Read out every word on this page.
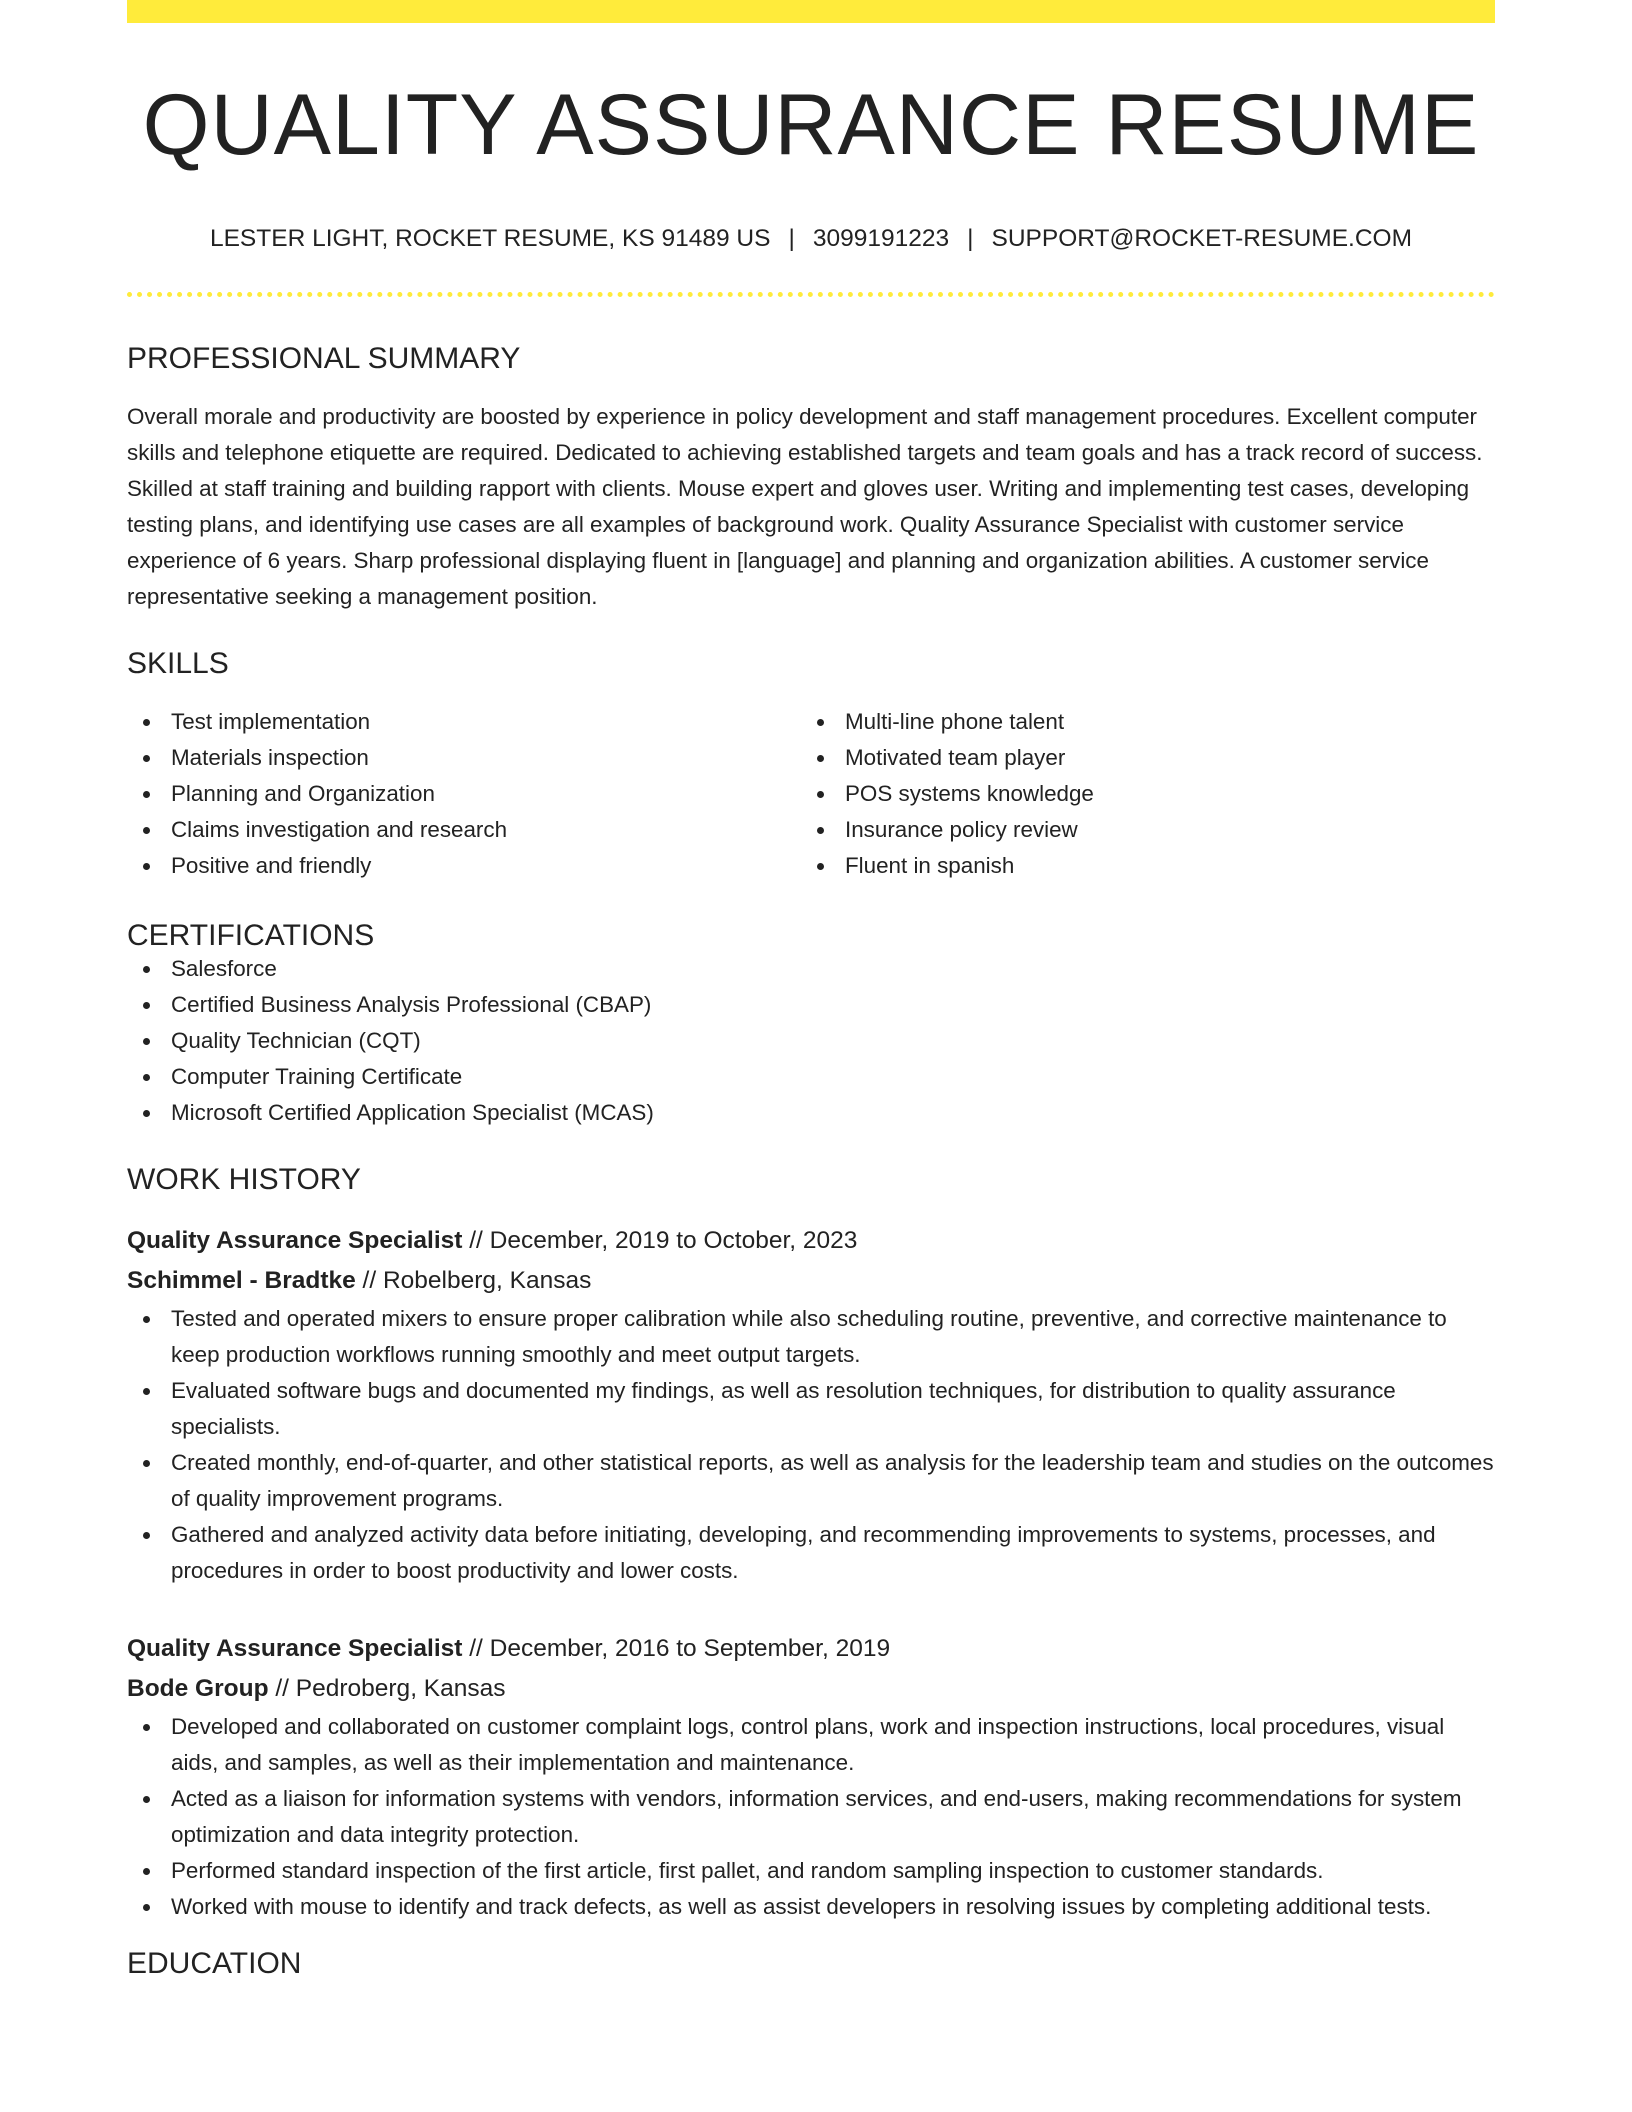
QUALITY ASSURANCE RESUME
LESTER LIGHT, ROCKET RESUME, KS 91489 US | 3099191223 | SUPPORT@ROCKET-RESUME.COM
PROFESSIONAL SUMMARY

Overall morale and productivity are boosted by experience in policy development and staff management procedures. Excellent computer skills and telephone etiquette are required. Dedicated to achieving established targets and team goals and has a track record of success. Skilled at staff training and building rapport with clients. Mouse expert and gloves user. Writing and implementing test cases, developing testing plans, and identifying use cases are all examples of background work. Quality Assurance Specialist with customer service experience of 6 years. Sharp professional displaying fluent in [language] and planning and organization abilities. A customer service representative seeking a management position.

SKILLS
Test implementation
Materials inspection
Planning and Organization
Claims investigation and research
Positive and friendly
Multi-line phone talent
Motivated team player
POS systems knowledge
Insurance policy review
Fluent in spanish
CERTIFICATIONS
Salesforce
Certified Business Analysis Professional (CBAP)
Quality Technician (CQT)
Computer Training Certificate
Microsoft Certified Application Specialist (MCAS)
WORK HISTORY
Quality Assurance Specialist // December, 2019 to October, 2023
Schimmel - Bradtke // Robelberg, Kansas
Tested and operated mixers to ensure proper calibration while also scheduling routine, preventive, and corrective maintenance to keep production workflows running smoothly and meet output targets.
Evaluated software bugs and documented my findings, as well as resolution techniques, for distribution to quality assurance specialists.
Created monthly, end-of-quarter, and other statistical reports, as well as analysis for the leadership team and studies on the outcomes of quality improvement programs.
Gathered and analyzed activity data before initiating, developing, and recommending improvements to systems, processes, and procedures in order to boost productivity and lower costs.
Quality Assurance Specialist // December, 2016 to September, 2019
Bode Group // Pedroberg, Kansas
Developed and collaborated on customer complaint logs, control plans, work and inspection instructions, local procedures, visual aids, and samples, as well as their implementation and maintenance.
Acted as a liaison for information systems with vendors, information services, and end-users, making recommendations for system optimization and data integrity protection.
Performed standard inspection of the first article, first pallet, and random sampling inspection to customer standards.
Worked with mouse to identify and track defects, as well as assist developers in resolving issues by completing additional tests.
EDUCATION
